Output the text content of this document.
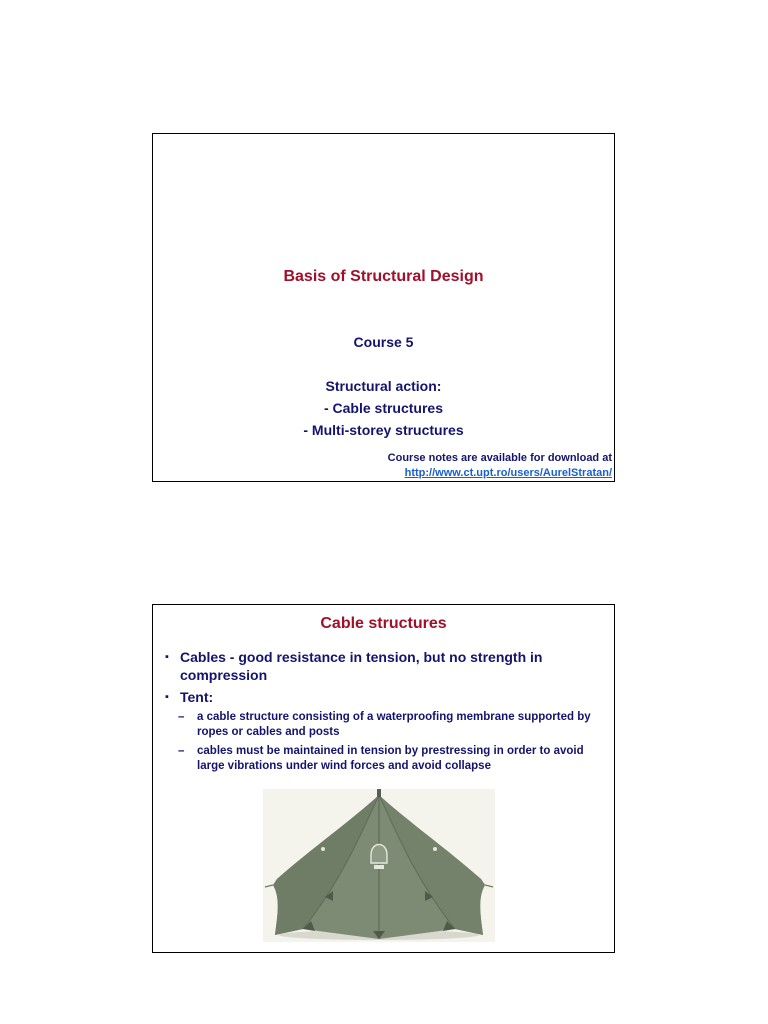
Basis of Structural Design
Course 5
Structural action:
- Cable structures
- Multi-storey structures
Course notes are available for download at
http://www.ct.upt.ro/users/AurelStratan/
Cable structures
▪ Cables - good resistance in tension, but no strength in compression
▪ Tent:
– a cable structure consisting of a waterproofing membrane supported by ropes or cables and posts
– cables must be maintained in tension by prestressing in order to avoid large vibrations under wind forces and avoid collapse
